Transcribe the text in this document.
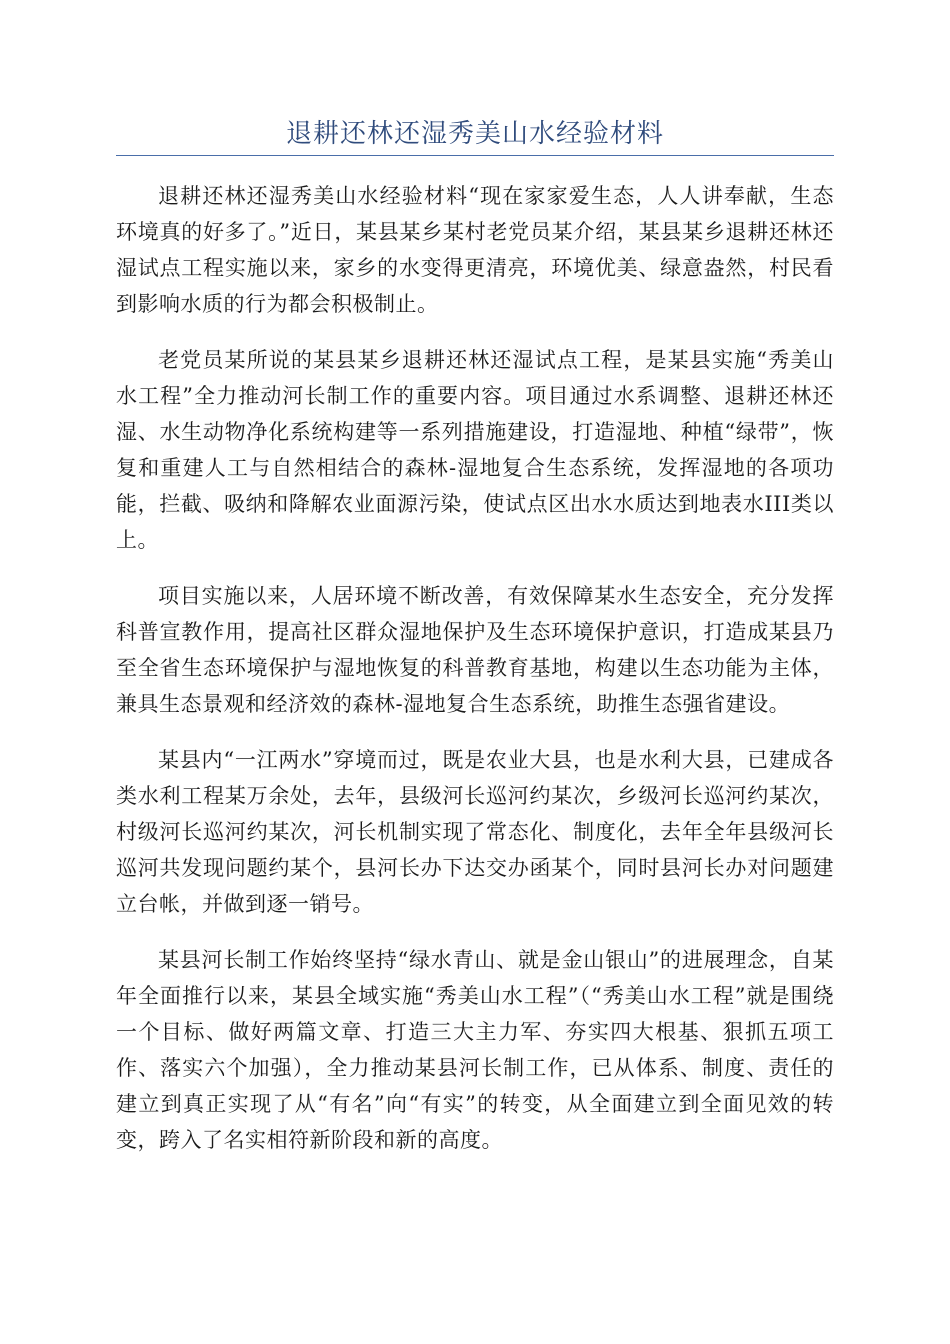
退耕还林还湿秀美山水经验材料

退耕还林还湿秀美山水经验材料“现在家家爱生态，人人讲奉献，生态环境真的好多了。”近日，某县某乡某村老党员某介绍，某县某乡退耕还林还湿试点工程实施以来，家乡的水变得更清亮，环境优美、绿意盎然，村民看到影响水质的行为都会积极制止。

老党员某所说的某县某乡退耕还林还湿试点工程，是某县实施“秀美山水工程”全力推动河长制工作的重要内容。项目通过水系调整、退耕还林还湿、水生动物净化系统构建等一系列措施建设，打造湿地、种植“绿带”，恢复和重建人工与自然相结合的森林-湿地复合生态系统，发挥湿地的各项功能，拦截、吸纳和降解农业面源污染，使试点区出水水质达到地表水III类以上。

项目实施以来，人居环境不断改善，有效保障某水生态安全，充分发挥科普宣教作用，提高社区群众湿地保护及生态环境保护意识，打造成某县乃至全省生态环境保护与湿地恢复的科普教育基地，构建以生态功能为主体，兼具生态景观和经济效的森林-湿地复合生态系统，助推生态强省建设。

某县内“一江两水”穿境而过，既是农业大县，也是水利大县，已建成各类水利工程某万余处，去年，县级河长巡河约某次，乡级河长巡河约某次，村级河长巡河约某次，河长机制实现了常态化、制度化，去年全年县级河长巡河共发现问题约某个，县河长办下达交办函某个，同时县河长办对问题建立台帐，并做到逐一销号。

某县河长制工作始终坚持“绿水青山、就是金山银山”的进展理念，自某年全面推行以来，某县全域实施“秀美山水工程”（“秀美山水工程”就是围绕一个目标、做好两篇文章、打造三大主力军、夯实四大根基、狠抓五项工作、落实六个加强），全力推动某县河长制工作，已从体系、制度、责任的建立到真正实现了从“有名”向“有实”的转变，从全面建立到全面见效的转变，跨入了名实相符新阶段和新的高度。
